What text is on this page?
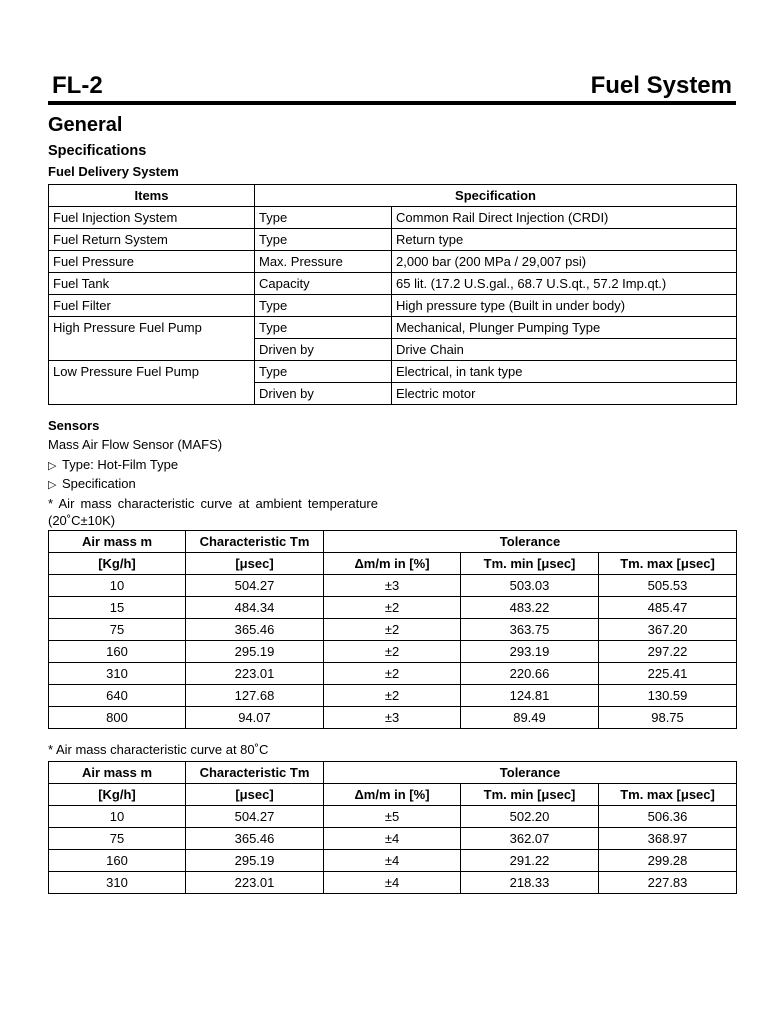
FL-2	Fuel System
General
Specifications
Fuel Delivery System
Items	Specification	
Fuel Injection System	Type	Common Rail Direct Injection (CRDI)
Fuel Return System	Type	Return type
Fuel Pressure	Max. Pressure	2,000 bar (200 MPa / 29,007 psi)
Fuel Tank	Capacity	65 lit. (17.2 U.S.gal., 68.7 U.S.qt., 57.2 Imp.qt.)
Fuel Filter	Type	High pressure type (Built in under body)
High Pressure Fuel Pump	Type	Mechanical, Plunger Pumping Type
	Driven by	Drive Chain
Low Pressure Fuel Pump	Type	Electrical, in tank type
	Driven by	Electric motor
Sensors
Mass Air Flow Sensor (MAFS)
▷ Type: Hot-Film Type
▷ Specification
* Air mass characteristic curve at ambient temperature (20˚C±10K)
Air mass m	Characteristic Tm	Tolerance		
[Kg/h]	[μsec]	Δm/m in [%]	Tm. min [μsec]	Tm. max [μsec]
10	504.27	±3	503.03	505.53
15	484.34	±2	483.22	485.47
75	365.46	±2	363.75	367.20
160	295.19	±2	293.19	297.22
310	223.01	±2	220.66	225.41
640	127.68	±2	124.81	130.59
800	94.07	±3	89.49	98.75
* Air mass characteristic curve at 80˚C
Air mass m	Characteristic Tm	Tolerance		
[Kg/h]	[μsec]	Δm/m in [%]	Tm. min [μsec]	Tm. max [μsec]
10	504.27	±5	502.20	506.36
75	365.46	±4	362.07	368.97
160	295.19	±4	291.22	299.28
310	223.01	±4	218.33	227.83
